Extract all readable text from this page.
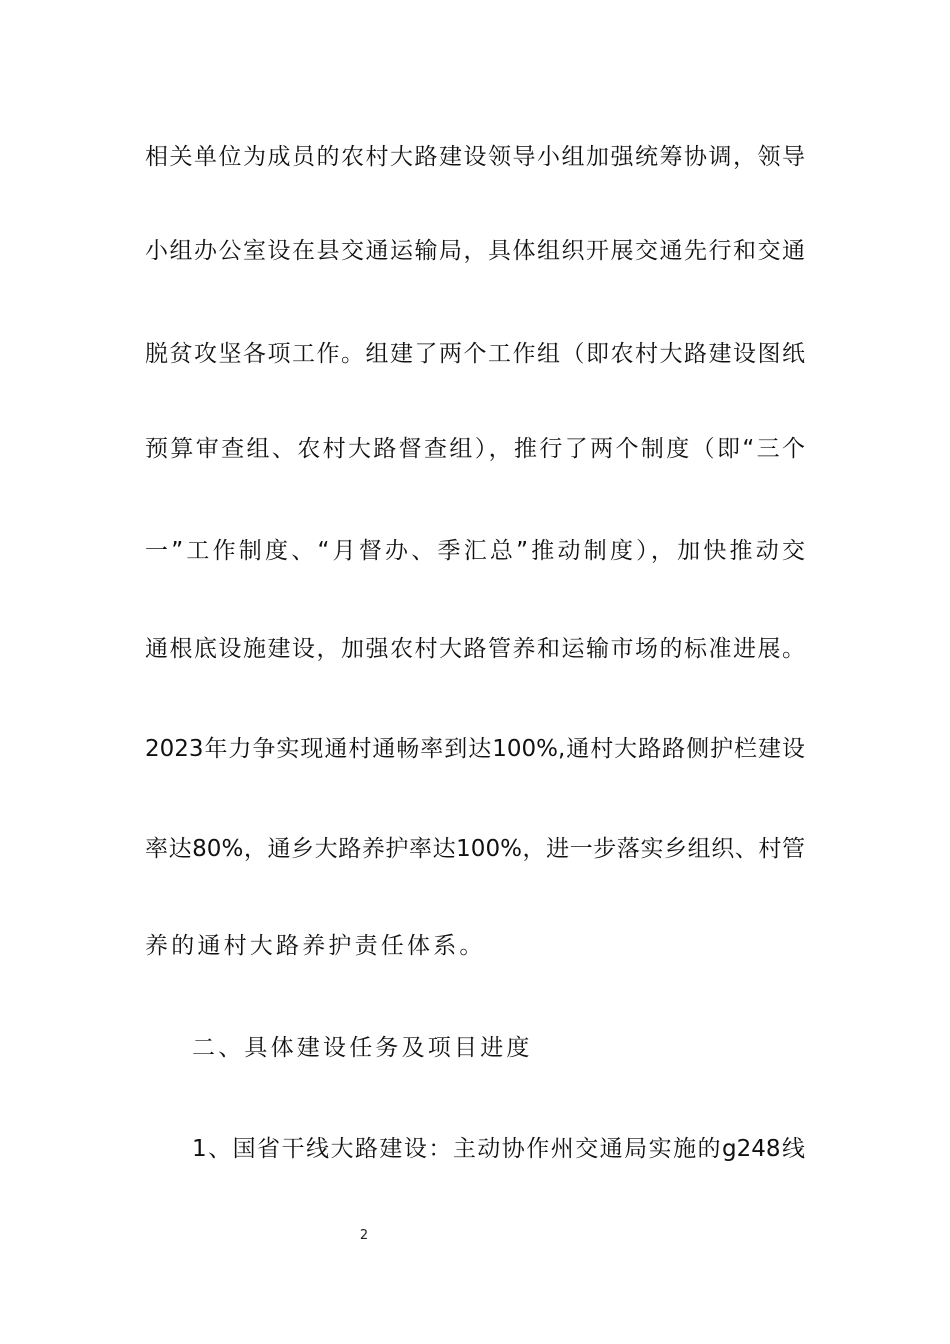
相关单位为成员的农村大路建设领导小组加强统筹协调，领导
小组办公室设在县交通运输局，具体组织开展交通先行和交通
脱贫攻坚各项工作。组建了两个工作组（即农村大路建设图纸
预算审查组、农村大路督查组），推行了两个制度（即“三个
一”工作制度、“月督办、季汇总”推动制度），加快推动交
通根底设施建设，加强农村大路管养和运输市场的标准进展。
2023年力争实现通村通畅率到达100%,通村大路路侧护栏建设
率达80%，通乡大路养护率达100%，进一步落实乡组织、村管
养的通村大路养护责任体系。
二、具体建设任务及项目进度
1、国省干线大路建设：主动协作州交通局实施的g248线
2
